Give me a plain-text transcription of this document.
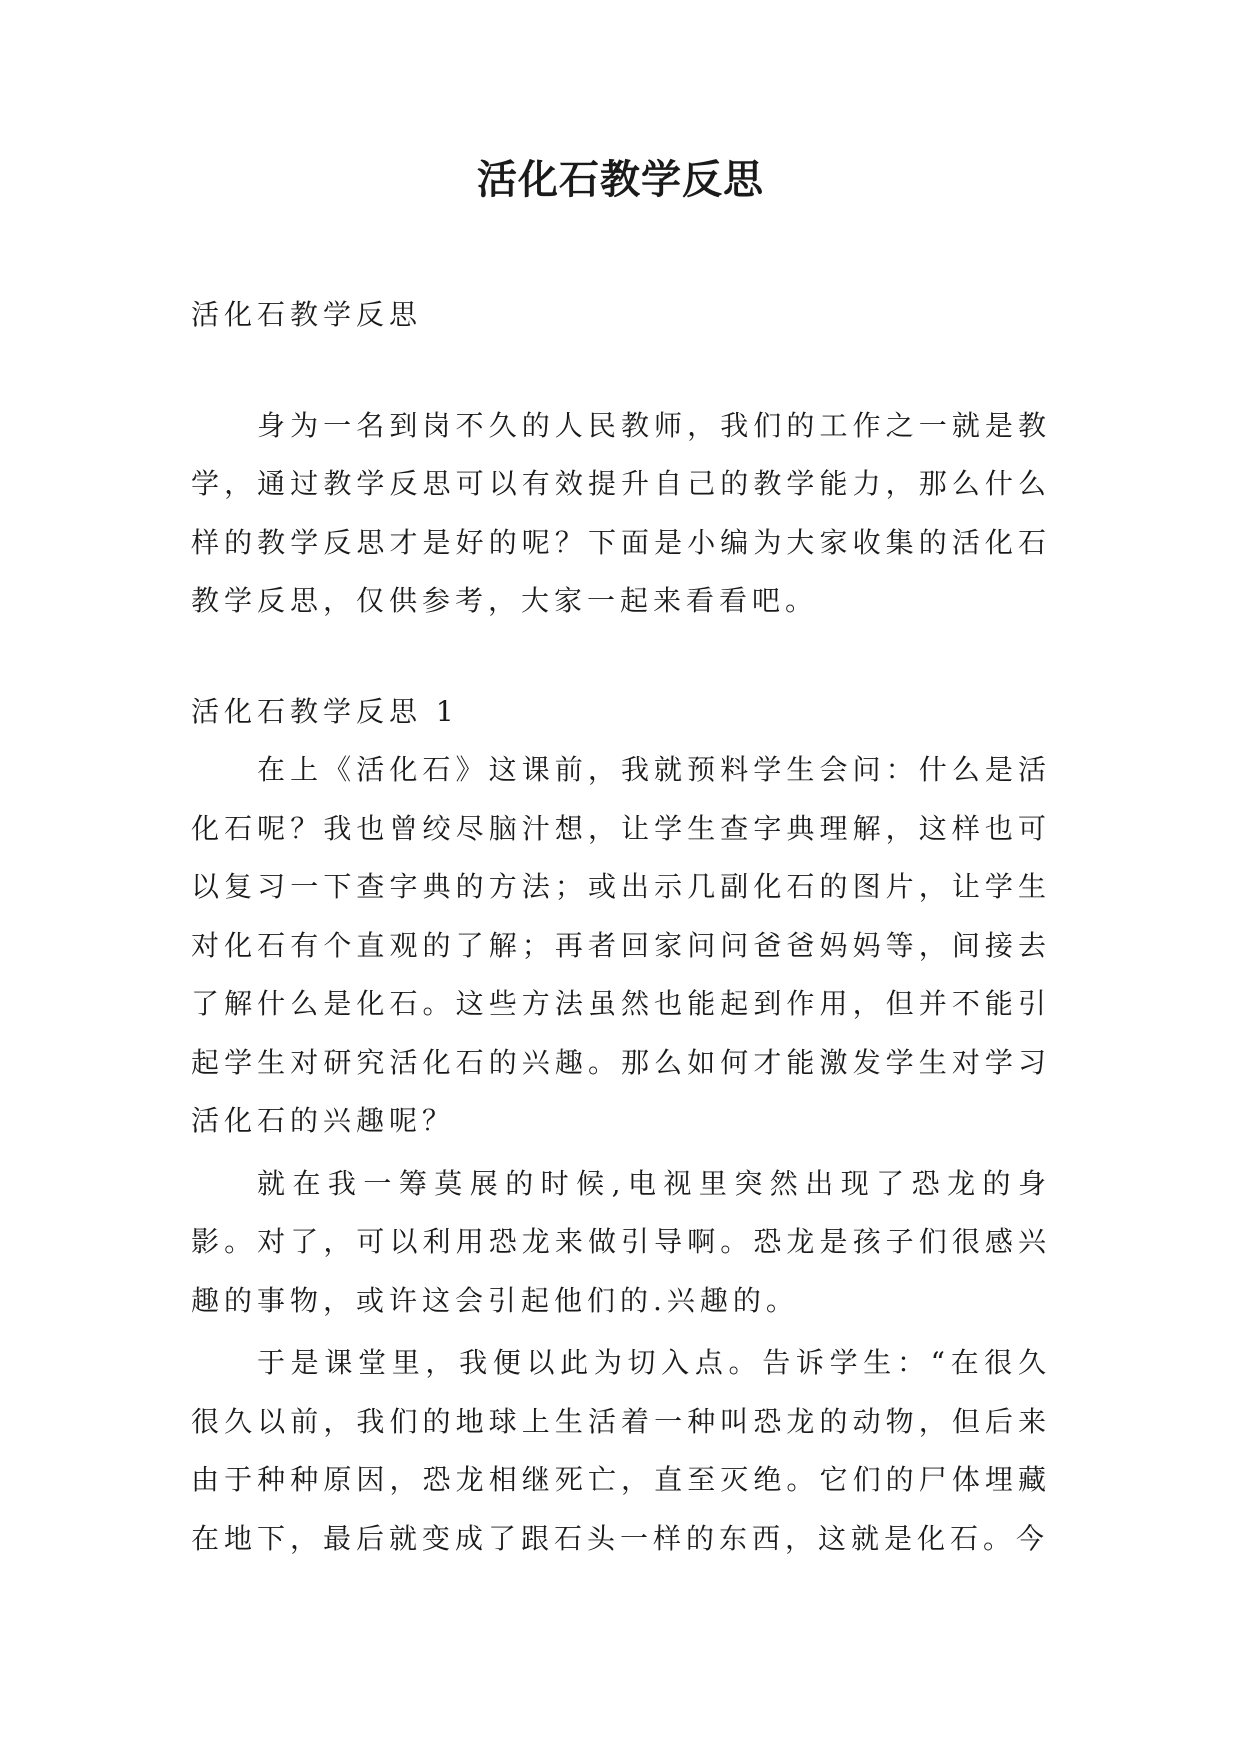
活化石教学反思

活化石教学反思

身为一名到岗不久的人民教师，我们的工作之一就是教学，通过教学反思可以有效提升自己的教学能力，那么什么样的教学反思才是好的呢？下面是小编为大家收集的活化石教学反思，仅供参考，大家一起来看看吧。

活化石教学反思 1

在上《活化石》这课前，我就预料学生会问：什么是活化石呢？我也曾绞尽脑汁想，让学生查字典理解，这样也可以复习一下查字典的方法；或出示几副化石的图片，让学生对化石有个直观的了解；再者回家问问爸爸妈妈等，间接去了解什么是化石。这些方法虽然也能起到作用，但并不能引起学生对研究活化石的兴趣。那么如何才能激发学生对学习活化石的兴趣呢？

就在我一筹莫展的时候,电视里突然出现了恐龙的身影。对了，可以利用恐龙来做引导啊。恐龙是孩子们很感兴趣的事物，或许这会引起他们的.兴趣的。

于是课堂里，我便以此为切入点。告诉学生：“在很久很久以前，我们的地球上生活着一种叫恐龙的动物，但后来由于种种原因，恐龙相继死亡，直至灭绝。它们的尸体埋藏在地下，最后就变成了跟石头一样的东西，这就是化石。今
